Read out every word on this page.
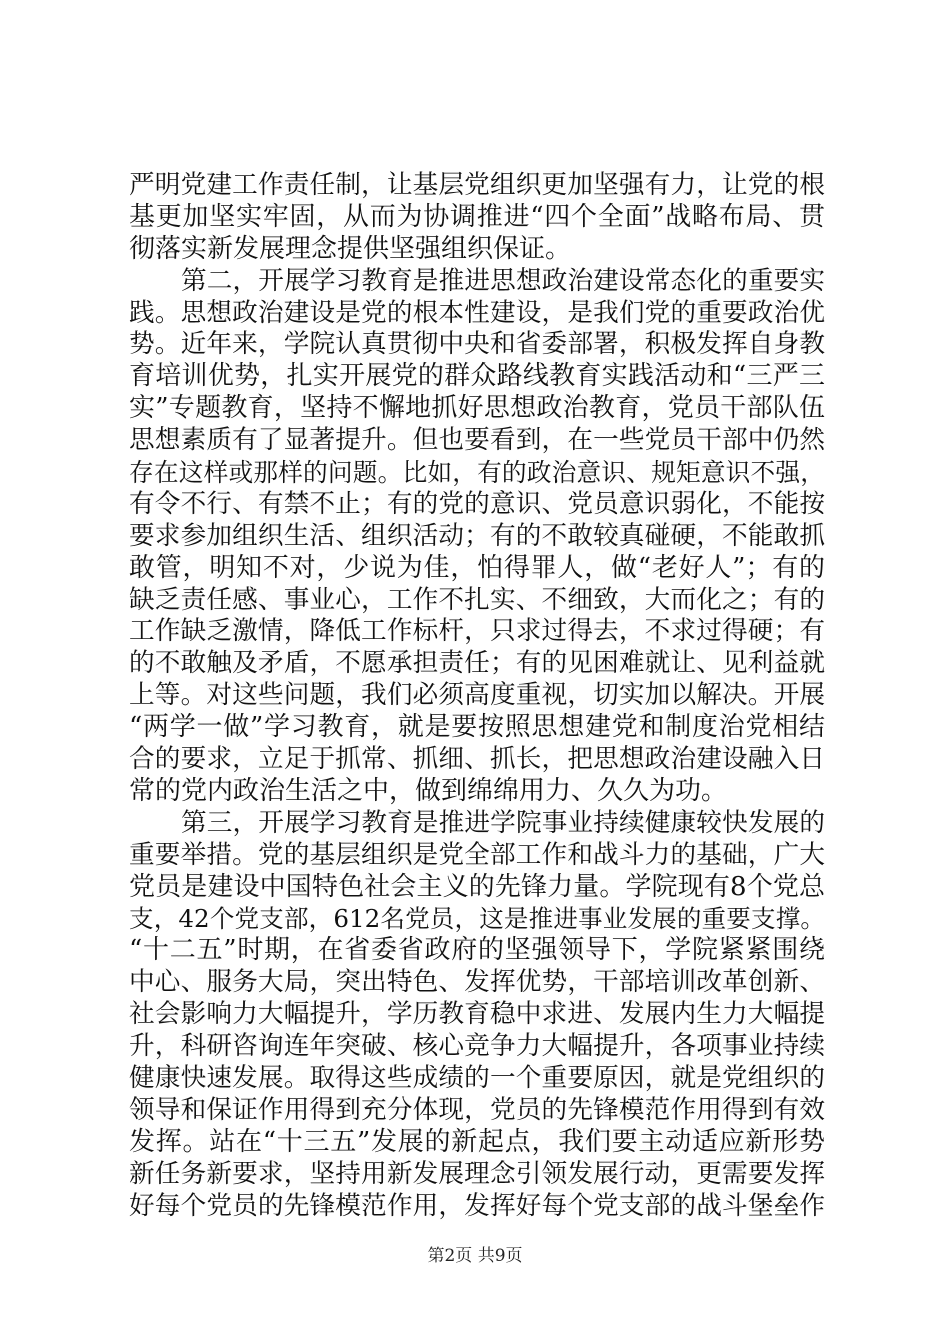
严明党建工作责任制，让基层党组织更加坚强有力，让党的根
基更加坚实牢固，从而为协调推进“四个全面”战略布局、贯
彻落实新发展理念提供坚强组织保证。
第二，开展学习教育是推进思想政治建设常态化的重要实
践。思想政治建设是党的根本性建设，是我们党的重要政治优
势。近年来，学院认真贯彻中央和省委部署，积极发挥自身教
育培训优势，扎实开展党的群众路线教育实践活动和“三严三
实”专题教育，坚持不懈地抓好思想政治教育，党员干部队伍
思想素质有了显著提升。但也要看到，在一些党员干部中仍然
存在这样或那样的问题。比如，有的政治意识、规矩意识不强，
有令不行、有禁不止；有的党的意识、党员意识弱化，不能按
要求参加组织生活、组织活动；有的不敢较真碰硬，不能敢抓
敢管，明知不对，少说为佳，怕得罪人，做“老好人”；有的
缺乏责任感、事业心，工作不扎实、不细致，大而化之；有的
工作缺乏激情，降低工作标杆，只求过得去，不求过得硬；有
的不敢触及矛盾，不愿承担责任；有的见困难就让、见利益就
上等。对这些问题，我们必须高度重视，切实加以解决。开展
“两学一做”学习教育，就是要按照思想建党和制度治党相结
合的要求，立足于抓常、抓细、抓长，把思想政治建设融入日
常的党内政治生活之中，做到绵绵用力、久久为功。
第三，开展学习教育是推进学院事业持续健康较快发展的
重要举措。党的基层组织是党全部工作和战斗力的基础，广大
党员是建设中国特色社会主义的先锋力量。学院现有8个党总
支，42个党支部，612名党员，这是推进事业发展的重要支撑。
“十二五”时期，在省委省政府的坚强领导下，学院紧紧围绕
中心、服务大局，突出特色、发挥优势，干部培训改革创新、
社会影响力大幅提升，学历教育稳中求进、发展内生力大幅提
升，科研咨询连年突破、核心竞争力大幅提升，各项事业持续
健康快速发展。取得这些成绩的一个重要原因，就是党组织的
领导和保证作用得到充分体现，党员的先锋模范作用得到有效
发挥。站在“十三五”发展的新起点，我们要主动适应新形势
新任务新要求，坚持用新发展理念引领发展行动，更需要发挥
好每个党员的先锋模范作用，发挥好每个党支部的战斗堡垒作
第2页 共9页
